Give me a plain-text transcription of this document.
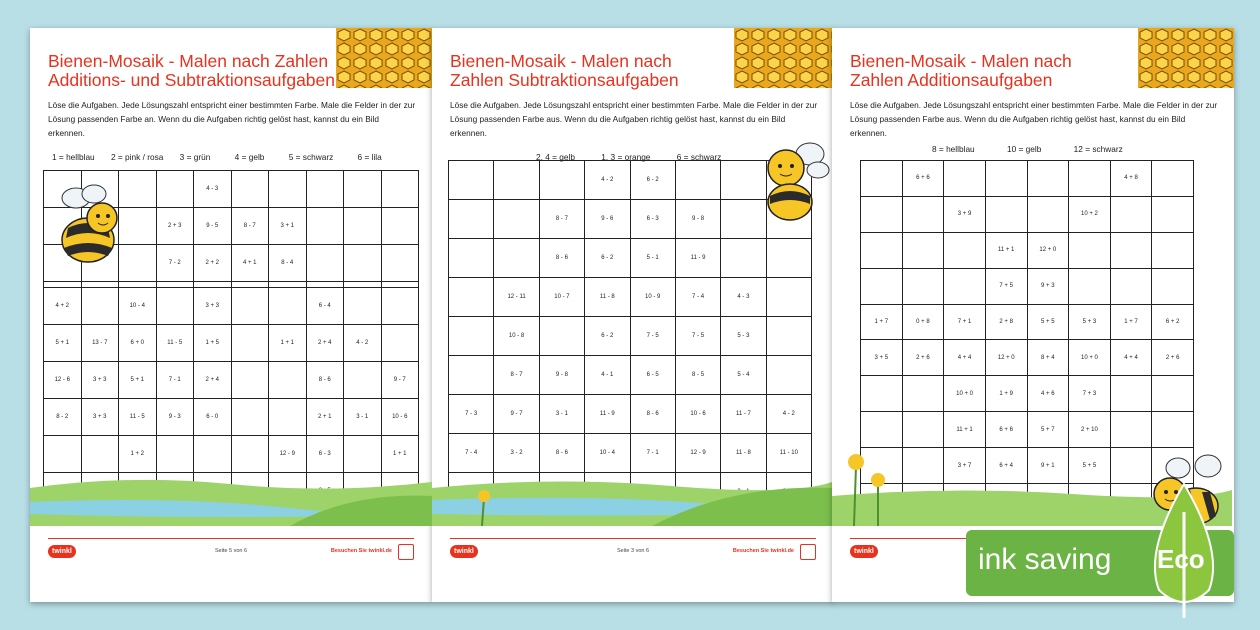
Bienen-Mosaik - Malen nach Zahlen
Additions- und Subtraktionsaufgaben
Löse die Aufgaben. Jede Lösungszahl entspricht einer bestimmten Farbe. Male die Felder in der zur Lösung passenden Farbe an. Wenn du die Aufgaben richtig gelöst hast, kannst du ein Bild erkennen.
1 = hellblau 2 = pink / rosa 3 = grün	4 = gelb	5 = schwarz	6 = lila
				4 - 3					
			2 + 3	9 - 5	8 - 7	3 + 1			
			7 - 2	2 + 2	4 + 1	8 - 4			

4 + 2		10 - 4		3 + 3			6 - 4		
5 + 1	13 - 7	6 + 0	11 - 5	1 + 5		1 + 1	2 + 4	4 - 2	
12 - 6	3 + 3	5 + 1	7 - 1	2 + 4			8 - 6		9 - 7
8 - 2	3 + 3	11 - 5	9 - 3	6 - 0			2 + 1	3 - 1	10 - 6
		1 + 2				12 - 9	6 - 3		1 + 1

twinkl	Seite 5 von 6	Besuchen Sie twinkl.de
Bienen-Mosaik - Malen nach
Zahlen Subtraktionsaufgaben
Löse die Aufgaben. Jede Lösungszahl entspricht einer bestimmten Farbe. Male die Felder in der zur Lösung passenden Farbe aus. Wenn du die Aufgaben richtig gelöst hast, kannst du ein Bild erkennen.
2, 4 = gelb	1, 3 = orange	6 = schwarz
			4 - 2	6 - 2			
		8 - 7	9 - 6	6 - 3	9 - 8		
		8 - 6	6 - 2	5 - 1	11 - 9		
	12 - 11	10 - 7	11 - 8	10 - 9	7 - 4	4 - 3	
	10 - 8		6 - 2	7 - 5	7 - 5	5 - 3	
	8 - 7	9 - 8	4 - 1	6 - 5	8 - 5	5 - 4	
7 - 3	9 - 7	3 - 1	11 - 9	8 - 6	10 - 6	11 - 7	4 - 2
7 - 4	3 - 2	8 - 6	10 - 4	7 - 1	12 - 9	11 - 8	11 - 10

twinkl	Seite 3 von 6	Besuchen Sie twinkl.de
Bienen-Mosaik - Malen nach
Zahlen Additionsaufgaben
Löse die Aufgaben. Jede Lösungszahl entspricht einer bestimmten Farbe. Male die Felder in der zur Lösung passenden Farbe aus. Wenn du die Aufgaben richtig gelöst hast, kannst du ein Bild erkennen.
8 = hellblau	10 = gelb	12 = schwarz
	6 + 6					4 + 8	
		3 + 9			10 + 2		
			11 + 1	12 + 0			
			7 + 5	9 + 3			
1 + 7	0 + 8	7 + 1	2 + 8	5 + 5	5 + 3	1 + 7	6 + 2
3 + 5	2 + 6	4 + 4	12 + 0	8 + 4	10 + 0	4 + 4	2 + 6
		10 + 0	1 + 9	4 + 6	7 + 3		
		11 + 1	6 + 6	5 + 7	2 + 10		
		3 + 7	6 + 4	9 + 1	5 + 5		

twinkl	ink saving Eco
